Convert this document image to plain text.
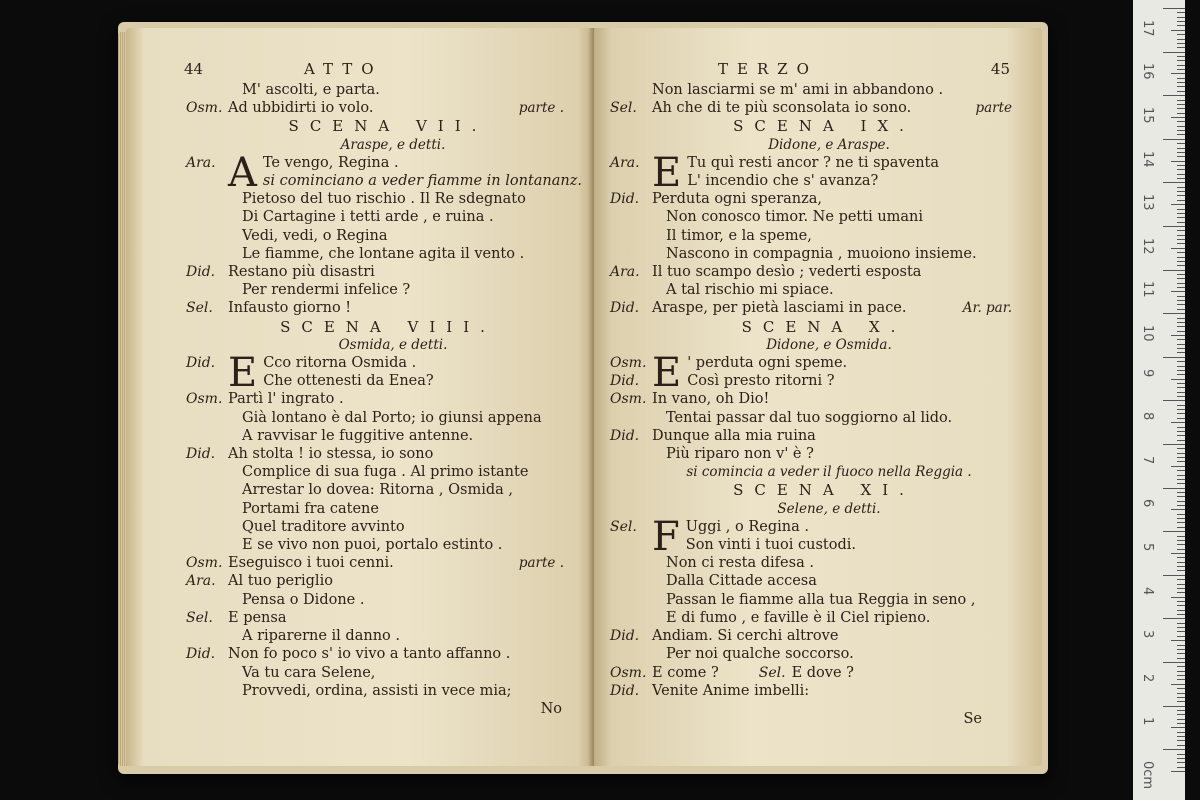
44	ATTO
M' ascolti, e parta.
Osm. Ad ubbidirti io volo.	parte .
SCENA VII.
Araspe, e detti.
Ara. A Te vengo, Regina .
si cominciano a veder fiamme in lontananz.
Pietoso del tuo rischio . Il Re sdegnato
Di Cartagine i tetti arde , e ruina .
Vedi, vedi, o Regina
Le fiamme, che lontane agita il vento .
Did. Restano più disastri
Per rendermi infelice ?
Sel.	Infausto giorno !
SCENA VIII.
Osmida, e detti.
Did. E Cco ritorna Osmida .
Che ottenesti da Enea?
Osm. Partì l' ingrato .
Già lontano è dal Porto; io giunsi appena
A ravvisar le fuggitive antenne.
Did. Ah stolta ! io stessa, io sono
Complice di sua fuga . Al primo istante
Arrestar lo dovea: Ritorna , Osmida ,
Portami fra catene
Quel traditore avvinto
E se vivo non puoi, portalo estinto .
Osm. Eseguisco i tuoi cenni.	parte .
Ara. Al tuo periglio
Pensa o Didone .
Sel.	E pensa
A riparerne il danno .
Did. Non fo poco s' io vivo a tanto affanno .
Va tu cara Selene,
Provvedi, ordina, assisti in vece mia;
No
TERZO	45
Non lasciarmi se m' ami in abbandono .
Sel.	Ah che di te più sconsolata io sono.	parte
SCENA IX.
Didone, e Araspe.
Ara. E Tu quì resti ancor ? ne ti spaventa
L' incendio che s' avanza?
Did. Perduta ogni speranza,
Non conosco timor. Ne petti umani
Il timor, e la speme,
Nascono in compagnia , muoiono insieme.
Ara. Il tuo scampo desìo ; vederti esposta
A tal rischio mi spiace.
Did. Araspe, per pietà lasciami in pace.	Ar. par.
SCENA X.
Didone, e Osmida.
Osm.
Did. E ' perduta ogni speme.
Così presto ritorni ?
Osm. In vano, oh Dio!
Tentai passar dal tuo soggiorno al lido.
Did. Dunque alla mia ruina
Più riparo non v' è ?
si comincia a veder il fuoco nella Reggia .
SCENA XI.
Selene, e detti.
Sel. F Uggi , o Regina .
Son vinti i tuoi custodi.
Non ci resta difesa .
Dalla Cittade accesa
Passan le fiamme alla tua Reggia in seno ,
E di fumo , e faville è il Ciel ripieno.
Did. Andiam. Si cerchi altrove
Per noi qualche soccorso.
Osm. E come ?	Sel. E dove ?
Did. Venite Anime imbelli:
Se
17
16
15
14
13
12
11
10
9
8
7
6
5
4
3
2
1
0cm
